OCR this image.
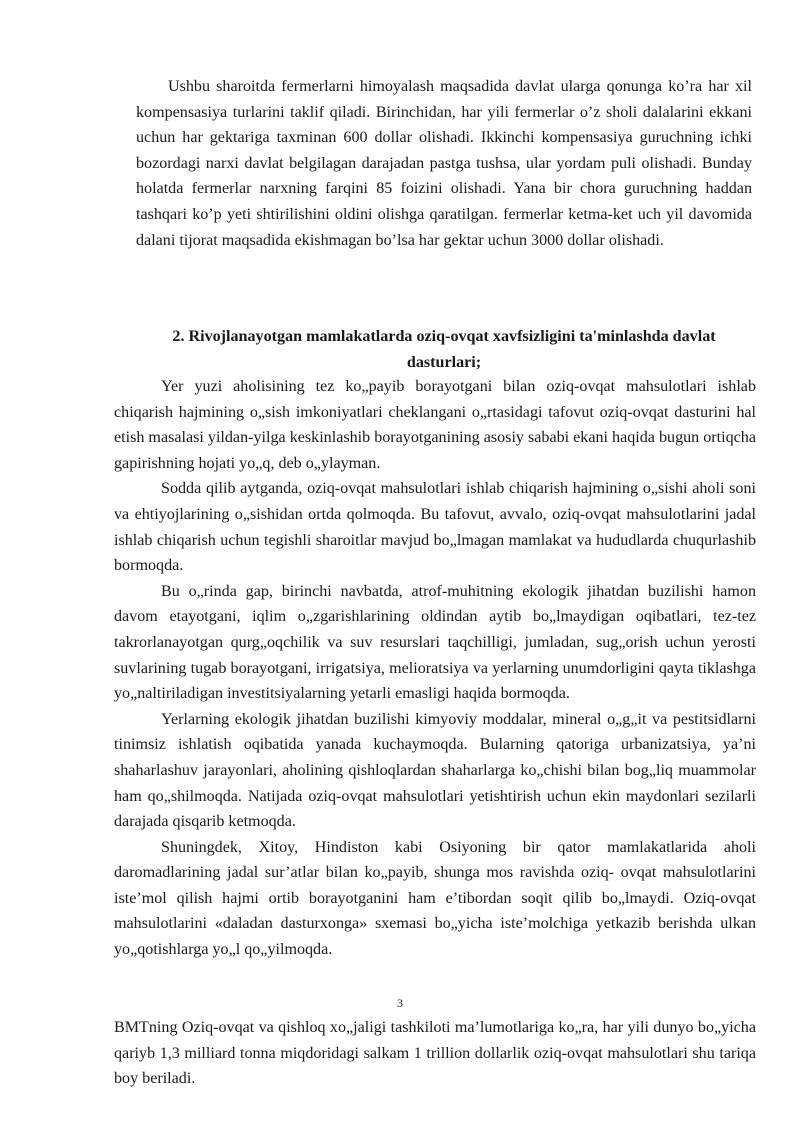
Ushbu sharoitda fermerlarni himoyalash maqsadida davlat ularga qonunga ko’ra har xil kompensasiya turlarini taklif qiladi. Birinchidan, har yili fermerlar o’z sholi dalalarini ekkani uchun har gektariga taxminan 600 dollar olishadi. Ikkinchi kompensasiya guruchning ichki bozordagi narxi davlat belgilagan darajadan pastga tushsa, ular yordam puli olishadi. Bunday holatda fermerlar narxning farqini 85 foizini olishadi. Yana bir chora guruchning haddan tashqari ko’p yeti shtirilishini oldini olishga qaratilgan. fermerlar ketma-ket uch yil davomida dalani tijorat maqsadida ekishmagan bo’lsa har gektar uchun 3000 dollar olishadi.

2. Rivojlanayotgan mamlakatlarda oziq-ovqat xavfsizligini ta'minlashda davlat dasturlari;

Yer yuzi aholisining tez ko„payib borayotgani bilan oziq-ovqat mahsulotlari ishlab chiqarish hajmining o„sish imkoniyatlari cheklangani o„rtasidagi tafovut oziq-ovqat dasturini hal etish masalasi yildan-yilga keskinlashib borayotganining asosiy sababi ekani haqida bugun ortiqcha gapirishning hojati yo„q, deb o„ylayman.

Sodda qilib aytganda, oziq-ovqat mahsulotlari ishlab chiqarish hajmining o„sishi aholi soni va ehtiyojlarining o„sishidan ortda qolmoqda. Bu tafovut, avvalo, oziq-ovqat mahsulotlarini jadal ishlab chiqarish uchun tegishli sharoitlar mavjud bo„lmagan mamlakat va hududlarda chuqurlashib bormoqda.

Bu o„rinda gap, birinchi navbatda, atrof-muhitning ekologik jihatdan buzilishi hamon davom etayotgani, iqlim o„zgarishlarining oldindan aytib bo„lmaydigan oqibatlari, tez-tez takrorlanayotgan qurg„oqchilik va suv resurslari taqchilligi, jumladan, sug„orish uchun yerosti suvlarining tugab borayotgani, irrigatsiya, melioratsiya va yerlarning unumdorligini qayta tiklashga yo„naltiriladigan investitsiyalarning yetarli emasligi haqida bormoqda.

Yerlarning ekologik jihatdan buzilishi kimyoviy moddalar, mineral o„g„it va pestitsidlarni tinimsiz ishlatish oqibatida yanada kuchaymoqda. Bularning qatoriga urbanizatsiya, ya’ni shaharlashuv jarayonlari, aholining qishloqlardan shaharlarga ko„chishi bilan bog„liq muammolar ham qo„shilmoqda. Natijada oziq-ovqat mahsulotlari yetishtirish uchun ekin maydonlari sezilarli darajada qisqarib ketmoqda.

Shuningdek, Xitoy, Hindiston kabi Osiyoning bir qator mamlakatlarida aholi daromadlarining jadal sur’atlar bilan ko„payib, shunga mos ravishda oziq- ovqat mahsulotlarini iste’mol qilish hajmi ortib borayotganini ham e’tibordan soqit qilib bo„lmaydi. Oziq-ovqat mahsulotlarini «daladan dasturxonga» sxemasi bo„yicha iste’molchiga yetkazib berishda ulkan yo„qotishlarga yo„l qo„yilmoqda.

3

BMTning Oziq-ovqat va qishloq xo„jaligi tashkiloti ma’lumotlariga ko„ra, har yili dunyo bo„yicha qariyb 1,3 milliard tonna miqdoridagi salkam 1 trillion dollarlik oziq-ovqat mahsulotlari shu tariqa boy beriladi.
